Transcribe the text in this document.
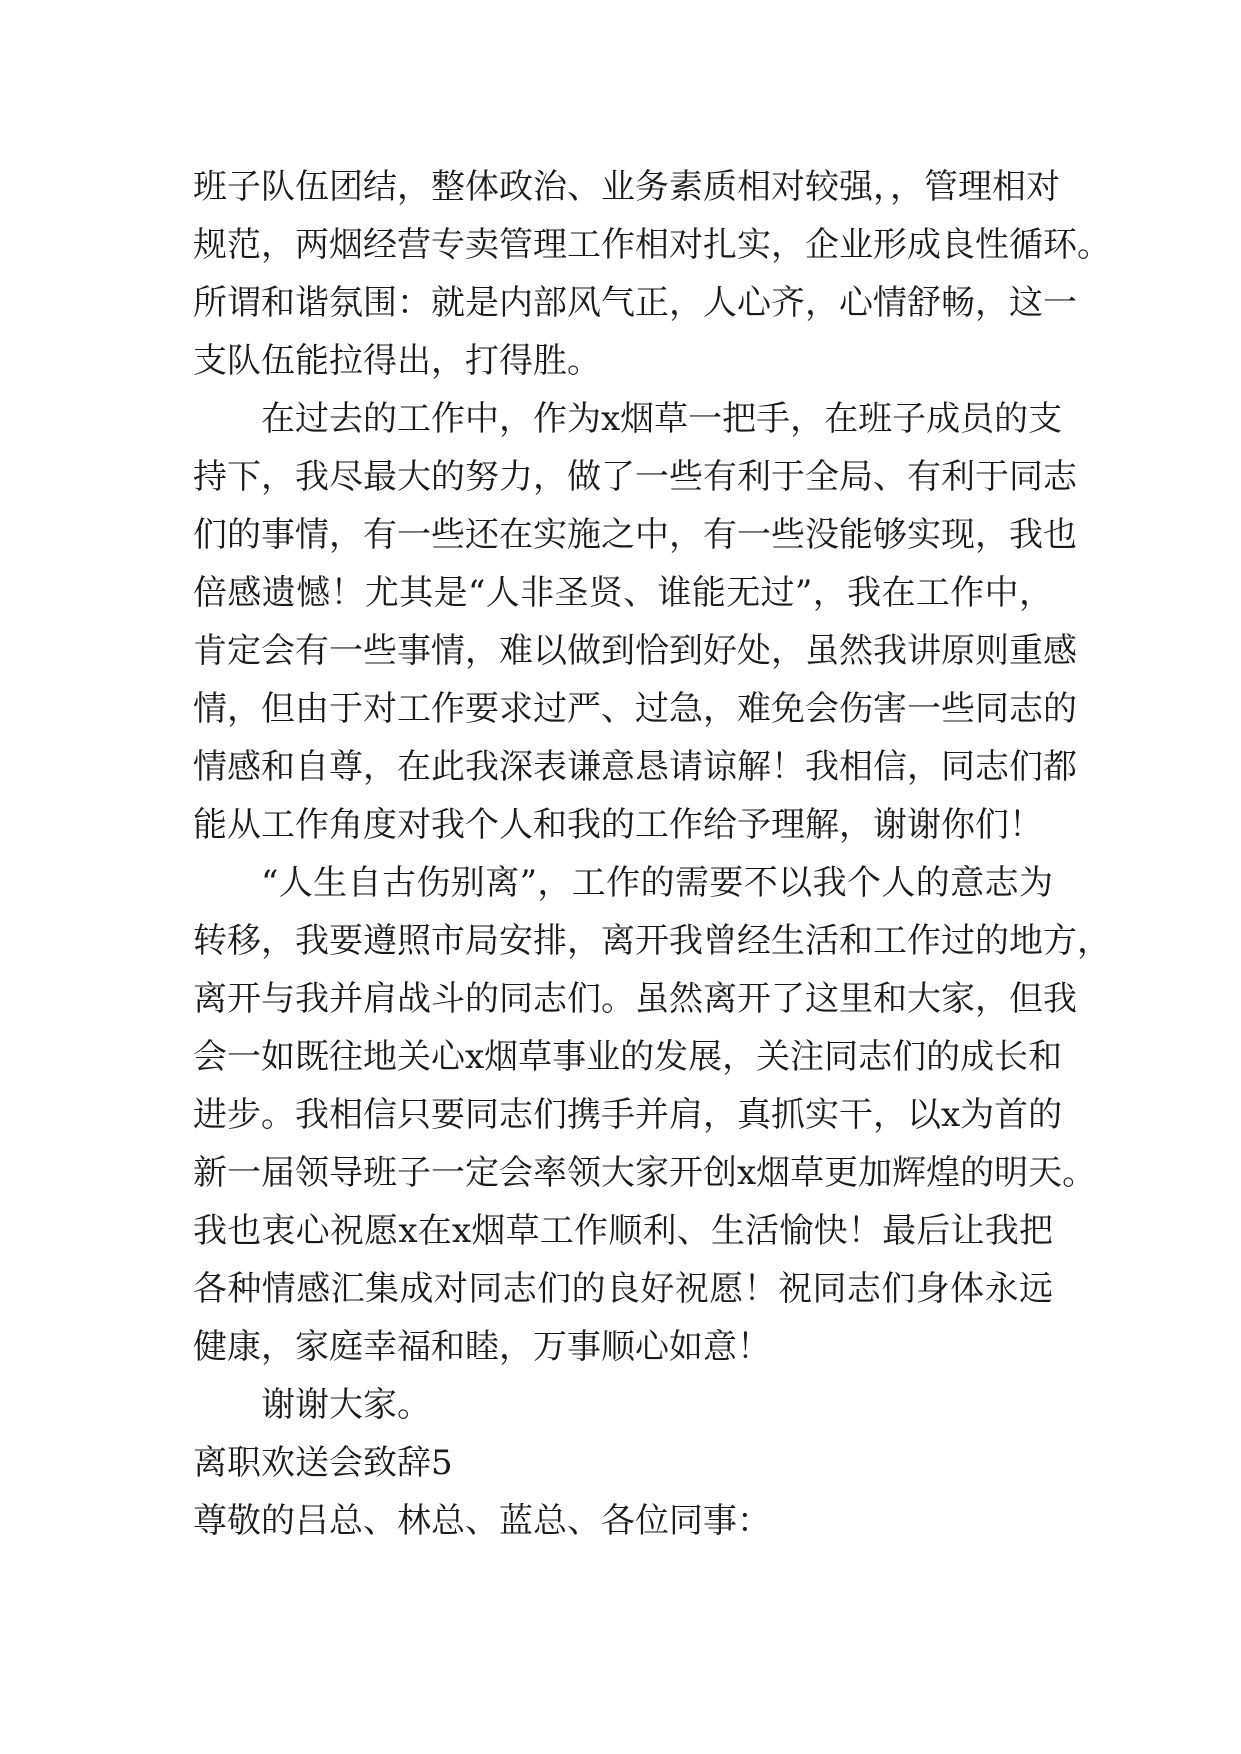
班子队伍团结，整体政治、业务素质相对较强，，管理相对
规范，两烟经营专卖管理工作相对扎实，企业形成良性循环。
所谓和谐氛围：就是内部风气正，人心齐，心情舒畅，这一
支队伍能拉得出，打得胜。
在过去的工作中，作为x烟草一把手，在班子成员的支
持下，我尽最大的努力，做了一些有利于全局、有利于同志
们的事情，有一些还在实施之中，有一些没能够实现，我也
倍感遗憾！尤其是“人非圣贤、谁能无过”，我在工作中，
肯定会有一些事情，难以做到恰到好处，虽然我讲原则重感
情，但由于对工作要求过严、过急，难免会伤害一些同志的
情感和自尊，在此我深表谦意恳请谅解！我相信，同志们都
能从工作角度对我个人和我的工作给予理解，谢谢你们！
“人生自古伤别离”，工作的需要不以我个人的意志为
转移，我要遵照市局安排，离开我曾经生活和工作过的地方，
离开与我并肩战斗的同志们。虽然离开了这里和大家，但我
会一如既往地关心x烟草事业的发展，关注同志们的成长和
进步。我相信只要同志们携手并肩，真抓实干，以x为首的
新一届领导班子一定会率领大家开创x烟草更加辉煌的明天。
我也衷心祝愿x在x烟草工作顺利、生活愉快！最后让我把
各种情感汇集成对同志们的良好祝愿！祝同志们身体永远
健康，家庭幸福和睦，万事顺心如意！
谢谢大家。
离职欢送会致辞5
尊敬的吕总、林总、蓝总、各位同事：
